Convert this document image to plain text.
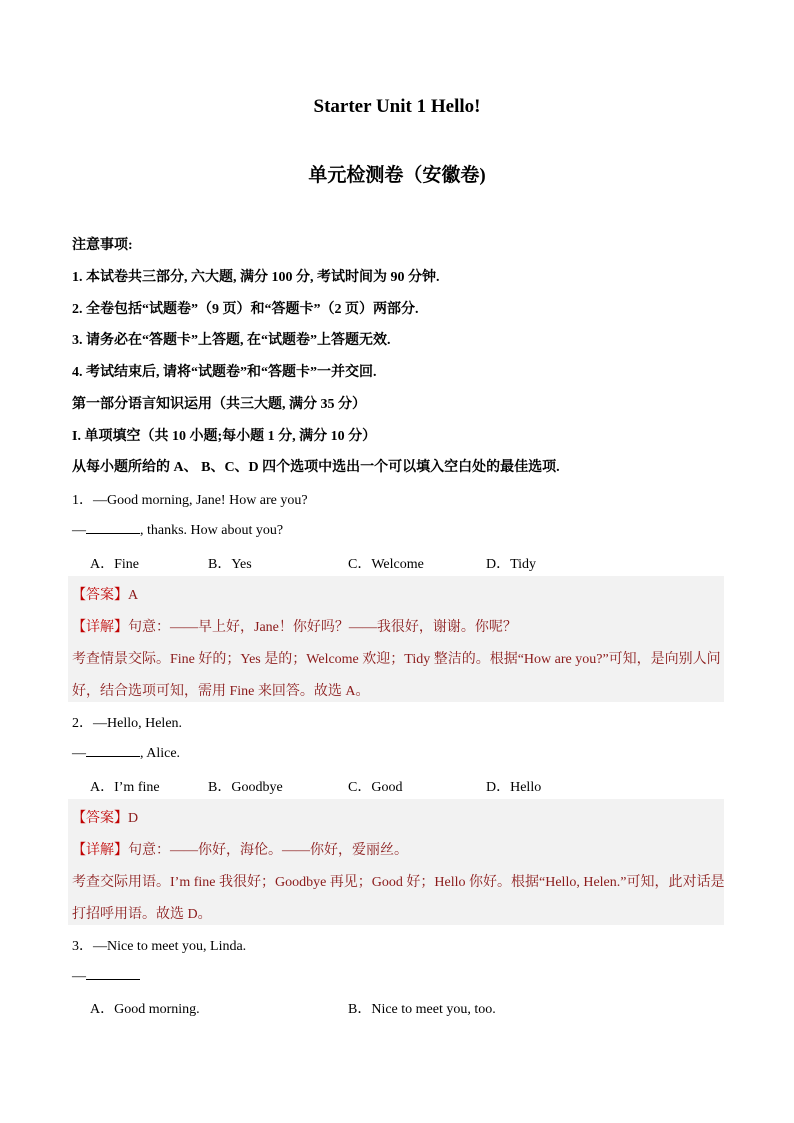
Starter Unit 1 Hello!
单元检测卷（安徽卷)
注意事项:
1. 本试卷共三部分, 六大题, 满分 100 分, 考试时间为 90 分钟.
2. 全卷包括“试题卷”（9 页）和“答题卡”（2 页）两部分.
3. 请务必在“答题卡”上答题, 在“试题卷”上答题无效.
4. 考试结束后, 请将“试题卷”和“答题卡”一并交回.
第一部分语言知识运用（共三大题, 满分 35 分）
I. 单项填空（共 10 小题;每小题 1 分, 满分 10 分）
从每小题所给的 A、 B、C、D 四个选项中选出一个可以填入空白处的最佳选项.
1．—Good morning, Jane! How are you?
—	, thanks. How about you?
A．Fine	B．Yes	C．Welcome	D．Tidy
【答案】A
【详解】句意：——早上好，Jane！你好吗？——我很好，谢谢。你呢？
考查情景交际。Fine 好的；Yes 是的；Welcome 欢迎；Tidy 整洁的。根据“How are you?”可知，是向别人问
好，结合选项可知，需用 Fine 来回答。故选 A。
2．—Hello, Helen.
—	, Alice.
A．I’m fine	B．Goodbye	C．Good	D．Hello
【答案】D
【详解】句意：——你好，海伦。——你好，爱丽丝。
考查交际用语。I’m fine 我很好；Goodbye 再见；Good 好；Hello 你好。根据“Hello, Helen.”可知，此对话是
打招呼用语。故选 D。
3．—Nice to meet you, Linda.
—
A．Good morning.	B．Nice to meet you, too.
